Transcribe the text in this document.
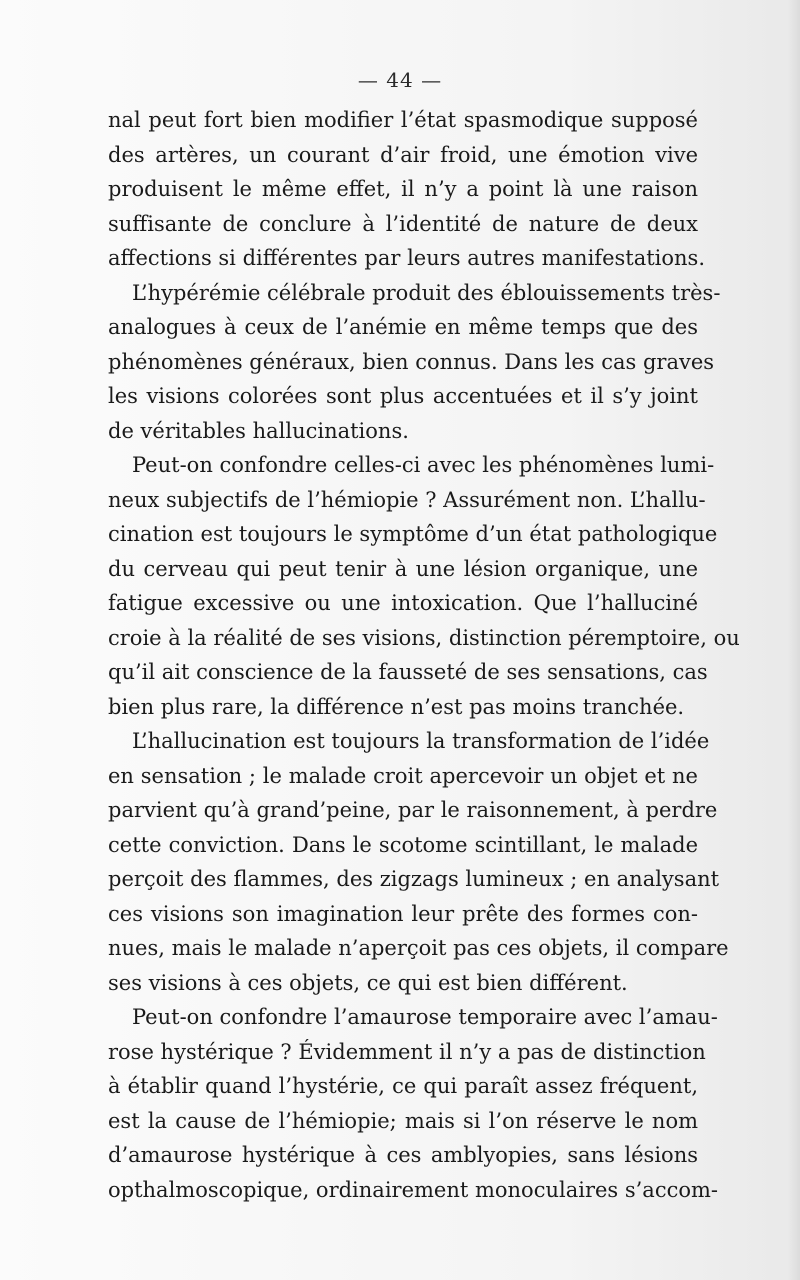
— 44 —
nal peut fort bien modifier l’état spasmodique supposé
des artères, un courant d’air froid, une émotion vive
produisent le même effet, il n’y a point là une raison
suffisante de conclure à l’identité de nature de deux
affections si différentes par leurs autres manifestations.
L’hypérémie célébrale produit des éblouissements très-
analogues à ceux de l’anémie en même temps que des
phénomènes généraux, bien connus. Dans les cas graves
les visions colorées sont plus accentuées et il s’y joint
de véritables hallucinations.
Peut-on confondre celles-ci avec les phénomènes lumi-
neux subjectifs de l’hémiopie ? Assurément non. L’hallu-
cination est toujours le symptôme d’un état pathologique
du cerveau qui peut tenir à une lésion organique, une
fatigue excessive ou une intoxication. Que l’halluciné
croie à la réalité de ses visions, distinction péremptoire, ou
qu’il ait conscience de la fausseté de ses sensations, cas
bien plus rare, la différence n’est pas moins tranchée.
L’hallucination est toujours la transformation de l’idée
en sensation ; le malade croit apercevoir un objet et ne
parvient qu’à grand’peine, par le raisonnement, à perdre
cette conviction. Dans le scotome scintillant, le malade
perçoit des flammes, des zigzags lumineux ; en analysant
ces visions son imagination leur prête des formes con-
nues, mais le malade n’aperçoit pas ces objets, il compare
ses visions à ces objets, ce qui est bien différent.
Peut-on confondre l’amaurose temporaire avec l’amau-
rose hystérique ? Évidemment il n’y a pas de distinction
à établir quand l’hystérie, ce qui paraît assez fréquent,
est la cause de l’hémiopie; mais si l’on réserve le nom
d’amaurose hystérique à ces amblyopies, sans lésions
opthalmoscopique, ordinairement monoculaires s’accom-
